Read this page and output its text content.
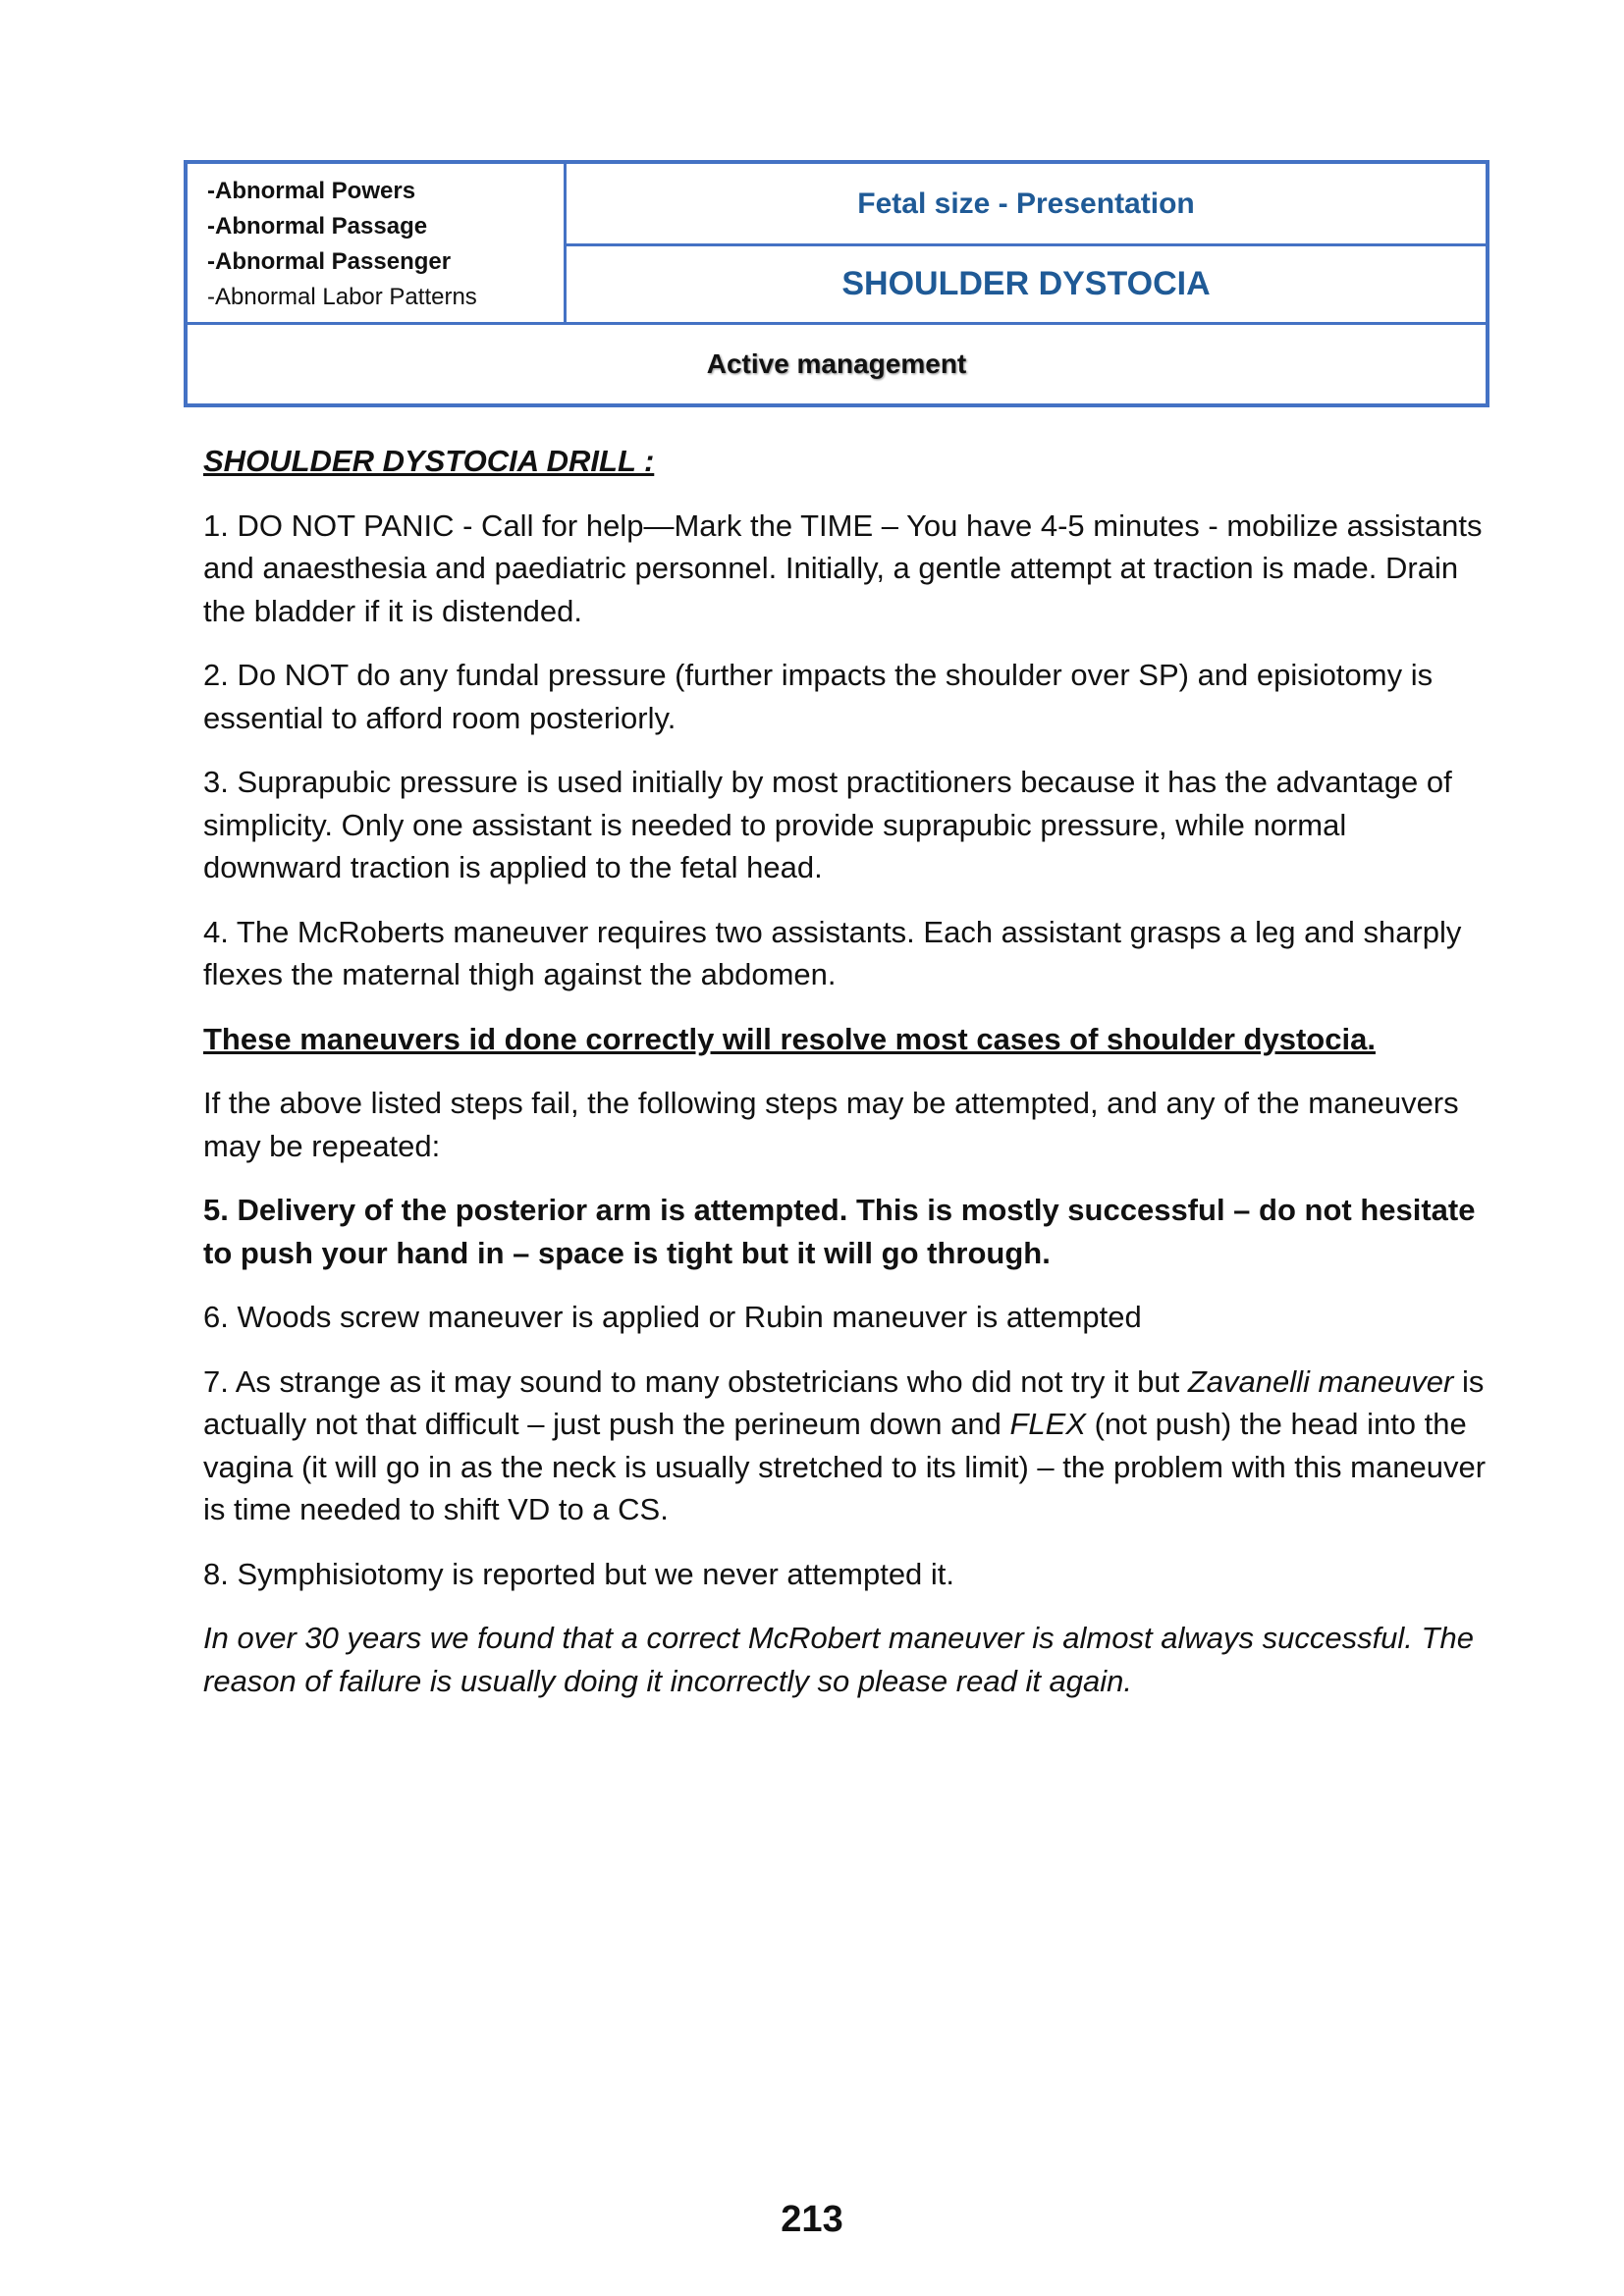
-Abnormal Powers
-Abnormal Passage
-Abnormal Passenger
-Abnormal Labor Patterns
Fetal size - Presentation
SHOULDER DYSTOCIA
Active management

SHOULDER DYSTOCIA DRILL :

1. DO NOT PANIC - Call for help—Mark the TIME – You have 4-5 minutes - mobilize assistants and anaesthesia and paediatric personnel. Initially, a gentle attempt at traction is made. Drain the bladder if it is distended.

2. Do NOT do any fundal pressure (further impacts the shoulder over SP) and episiotomy is essential to afford room posteriorly.

3. Suprapubic pressure is used initially by most practitioners because it has the advantage of simplicity. Only one assistant is needed to provide suprapubic pressure, while normal downward traction is applied to the fetal head.

4. The McRoberts maneuver requires two assistants. Each assistant grasps a leg and sharply flexes the maternal thigh against the abdomen.

These maneuvers id done correctly will resolve most cases of shoulder dystocia.

If the above listed steps fail, the following steps may be attempted, and any of the maneuvers may be repeated:

5. Delivery of the posterior arm is attempted. This is mostly successful – do not hesitate to push your hand in – space is tight but it will go through.

6. Woods screw maneuver is applied or Rubin maneuver is attempted

7. As strange as it may sound to many obstetricians who did not try it but Zavanelli maneuver is actually not that difficult – just push the perineum down and FLEX (not push) the head into the vagina (it will go in as the neck is usually stretched to its limit) – the problem with this maneuver is time needed to shift VD to a CS.

8. Symphisiotomy is reported but we never attempted it.

In over 30 years we found that a correct McRobert maneuver is almost always successful. The reason of failure is usually doing it incorrectly so please read it again.

213
